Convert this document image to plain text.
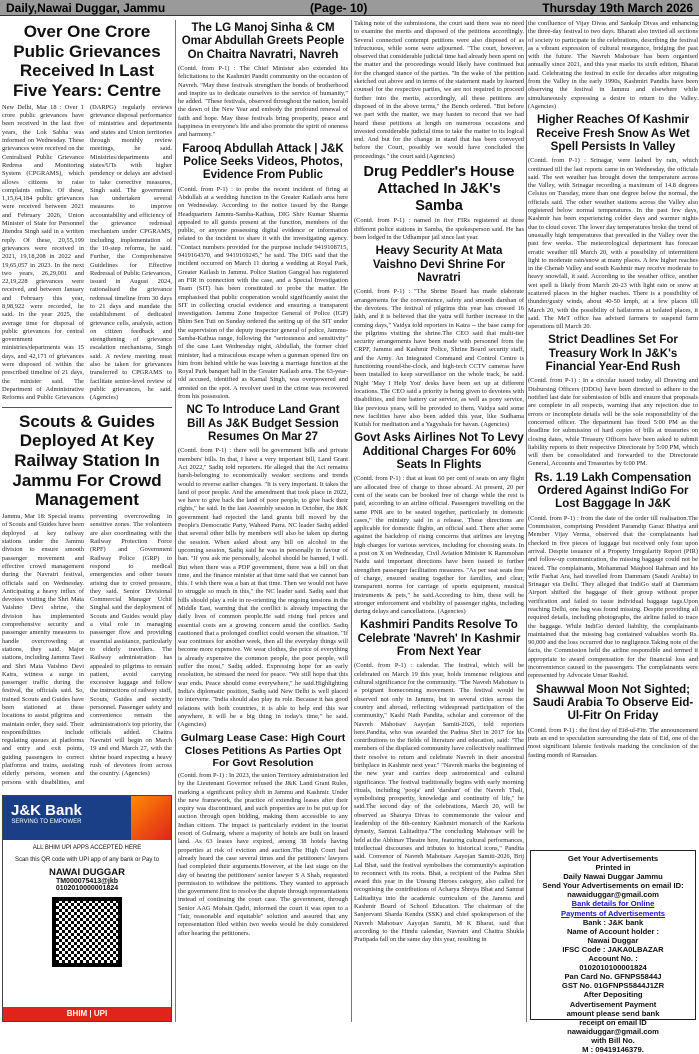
Daily,Nawai Duggar, Jammu	(Page- 10)	Thursday 19th March 2026
Over One Crore Public Grievances Received In Last Five Years: Centre
New Delhi, Mar 18 : Over 1 crore public grievances have been received in the last five years, the Lok Sabha was informed on Wednesday. These grievances were received on the Centralised Public Grievance Redress and Monitoring System (CPGRAMS), which allows citizens to raise complaints online. Of these, 1,15,64,184 public grievances were received between 2021 and February 2026, Union Minister of State for Personnel Jitendra Singh said in a written reply. Of these, 20,55,199 grievances were received in 2021, 19,18,208 in 2022 and 19,65,057 in 2023. In the next two years, 26,29,001 and 22,19,228 grievances were received, and between January and February this year, 8,98,922 were recorded, he said. In the year 2025, the average time for disposal of public grievances for central government ministries/departments was 15 days, and 42,171 of grievances were disposed of within the prescribed timeline of 21 days, the minister said. The Department of Administrative Reforms and Public Grievances (DARPG) regularly reviews grievance disposal performance of ministries and departments and states and Union territories through monthly review meetings, he said. Ministries/departments and states/UTs with higher pendency or delays are advised to take corrective measures, Singh said. The government has undertaken several measures to improve accountability and efficiency of the grievance redressal mechanism under CPGRAMS, including implementation of the 10-step reforms, he said. Further, the Comprehensive Guidelines for Effective Redressal of Public Grievances, issued in August 2024, rationalised the grievance redressal timeline from 30 days to 21 days and mandate the establishment of dedicated grievance cells, analysis, action on citizen feedback and strengthening of grievance escalation mechanisms, Singh said. A review meeting must also be taken for grievances transferred to CPGRAMS to facilitate senior-level review of public grievances, he said. (Agencies)
Scouts & Guides Deployed At Key Railway Station In Jammu For Crowd Management
Jammu, Mar 18: Special teams of Scouts and Guides have been deployed at key railway stations under the Jammu division to ensure smooth passenger movement and effective crowd management during the Navratri festival, officials said on Wednesday. Anticipating a heavy influx of devotees visiting the Shri Mata Vaishno Devi shrine, the division has implemented comprehensive security and passenger amenity measures to handle overcrowding at stations, they said. Major stations, including Jammu Tawi and Shri Mata Vaishno Devi Katra, witness a surge in passenger traffic during the festival, the officials said. So, trained Scouts and Guides have been stationed at these locations to assist pilgrims and maintain order, they said. Their responsibilities include regulating queues at platforms and entry and exit points, guiding passengers to correct platforms and trains, assisting elderly persons, women and persons with disabilities, and preventing overcrowding in sensitive zones. The volunteers are also coordinating with the Railway Protection Force (RPF) and Government Railway Police (GRP) to respond to medical emergencies and other issues arising due to crowd pressure, they said. Senior Divisional Commercial Manager Uchit Singhal said the deployment of Scouts and Guides would play a vital role in managing passenger flow and providing essential assistance, particularly to elderly travellers. The Railway administration has appealed to pilgrims to remain patient, avoid carrying excessive luggage and follow the instructions of railway staff, Scouts, Guides and security personnel. Passenger safety and convenience remain the administration's top priority, the officials added. Chaitra Navratri will begin on March 19 and end March 27, with the shrine board expecting a heavy rush of devotees from across the country. (Agencies)
J&K Bank
SERVING TO EMPOWER
ALL BHIM UPI APPS ACCEPTED HERE
Scan this QR code with UPI app of any bank or Pay to
NAWAI DUGGAR
TM000075413@jkb
0102010000001824
BHIM | UPI
The LG Manoj Sinha & CM Omar Abdullah Greets People On Chaitra Navratri, Navreh
(Contd. from P-1) : The Chief Minister also extended his felicitations to the Kashmiri Pandit community on the occasion of Navreh. "May these festivals strengthen the bonds of brotherhood and inspire us to dedicate ourselves to the service of humanity," he added. "These festivals, observed throughout the nation, herald the dawn of the New Year and embody the profound renewal of faith and hope. May these festivals bring prosperity, peace and happiness in everyone's life and also promote the spirit of oneness and harmony."
Farooq Abdullah Attack | J&K Police Seeks Videos, Photos, Evidence From Public
(Contd. from P-1) : to probe the recent incident of firing at Abdullah at a wedding function in the Greater Kailash area here on Wednesday. According to the notice issued by the Range Headquarters Jammu-Samba-Kathua, DIG Shiv Kumar Sharma appealed to all guests present at the function, members of the public, or anyone possessing digital evidence or information related to the incident to share it with the investigating agency. "Contact numbers provided for the purpose include 9419108715, 9419164370, and 9419169245," he said. The DIG said that the incident occurred on March 11 during a wedding at Royal Park, Greater Kailash in Jammu. Police Station Gangyal has registered an FIR in connection with the case, and a Special Investigation Team (SIT) has been constituted to probe the matter. He emphasised that public cooperation would significantly assist the SIT in collecting crucial evidence and ensuring a transparent investigation. Jammu Zone Inspector General of Police (IGP) Bhim Sen Tuti on Sunday ordered the setting up of the SIT under the supervision of the deputy inspector general of police, Jammu-Samba-Kathua range, following the "seriousness and sensitivity" of the case Last Wednesday night, Abdullah, the former chief minister, had a miraculous escape when a gunman opened fire on him from behind while he was leaving a marriage function at the Royal Park banquet hall in the Greater Kailash area. The 63-year-old accused, identified as Kamal Singh, was overpowered and arrested on the spot. A revolver used in the crime was recovered from his possession.
NC To Introduce Land Grant Bill As J&K Budget Session Resumes On Mar 27
(Contd. from P-1) : there will be government bills and private members' bills. In that, I have a very important bill, Land Grant Act 2022," Sadiq told reporters. He alleged that the Act remains harsh-belonging to economically weaker sections and trends would to reverse earlier changes. "It is very important. It takes the land of poor people. And the amendment that took place in 2022, we have to give back the land of poor people, to give back their rights," he said. In the last Assembly session in October, the J&K government had rejected the land grants bill moved by the People's Democratic Party, Waheed Parra. NC leader Sadiq added that several other bills by members will also be taken up during the session. When asked about any bill on alcohol in the upcoming session, Sadiq said he was in personally in favour of ban. "If you ask me personally, alcohol should be banned, I will. But when there was a PDP government, there was a bill on that time, and the finance minister at that time said that we cannot ban this. I wish there was a ban at that time. Then we would not have to struggle so much in this," the NC leader said. Sadiq said that bills should play a role in re-orienting the ongoing tensions in the Middle East, warning that the conflict is already impacting the daily lives of common people.He said rising fuel prices and essential costs are a growing concern amid the conflict. Sadiq cautioned that a prolonged conflict could worsen the situation. "If war continues for another week, then all the everyday things will become more expensive. We wear clothes, the price of everything is already expensive the common people, the poor people, will suffer the most," Sadiq added. Expressing hope for an early resolution, he stressed the need for peace. "We still hope that this war ends. Peace should come everywhere," he said.Highlighting India's diplomatic position, Sadiq said New Delhi is well placed to intervene. "India should also play its role. Because it has good relations with both countries, it is able to help end this war anywhere, it will be a big thing in today's time," he said. (Agencies)
Gulmarg Lease Case: High Court Closes Petitions As Parties Opt For Govt Resolution
(Contd. from P-1) : In 2023, the union Territory administration led by the Lieutenant Governor refused the J&K Land Grant Rules, marking a significant policy shift in Jammu and Kashmir. Under the new framework, the practice of extending leases after their expiry was discontinued, and such properties are to be put up for auction through open bidding, making them accessible to any Indian citizen. The impact is particularly evident in the tourist resort of Gulmarg, where a majority of hotels are built on leased land. As 63 leases have expired, among 38 hotels having properties at risk of eviction and auction.The High Court had already heard the case several times and the petitioners' lawyers had completed their arguments.However, at the last stage on the day of hearing the petitioners' senior lawyer S A Shah, requested permission to withdraw the petitions. They wanted to approach the government first to resolve the dispute through representations instead of continuing the court case. The government, through Senior AAG Mohsin Qadri, informed the court it was open to a "fair, reasonable and equitable" solution and assured that any representation filed within two weeks would be duly considered after hearing the petitioners.
Taking note of the submissions, the court said there was no need to examine the merits and disposed of the petitions accordingly. Several connected contempt petitions were also disposed of as infructuous, while some were adjourned. "The court, however, observed that considerable judicial time had already been spent on the matter and the proceedings would likely have continued but for the changed stance of the parties. "In the wake of 'the petition sketched out above and in terms of the statement made by learned counsel for the respective parties, we are not required to proceed further into the merits, accordingly, all these petitions are disposed of in the above terms," the Bench ordered. "But before we part with the matter, we may hasten to record that we had heard these petitions at length on numerous occasions and invested considerable judicial time to take the matter to its logical end. And but for the change in stand that has been conveyed before the Court, possibly we would have concluded the proceedings." the court said.(Agencies)
Drug Peddler's House Attached In J&K's Samba
(Contd. from P-1) : named in five FIRs registered at three different police stations in Samba, the spokesperson said. He has been lodged in the Udhampur jail since last year.
Heavy Security At Mata Vaishno Devi Shrine For Navratri
(Contd. from P-1) : "The Shrine Board has made elaborate arrangements for the convenience, safety and smooth darshan of the devotees. The festival of pilgrims this year has crossed 16 lakh, and it is believed that the yatra will further increase in the coming days," Vaidya told reporters in Katra -- the base camp for the pilgrims visiting the shrine.The CEO said that multi-tier security arrangements have been made with personnel from the CRPF, Jammu and Kashmir Police, Shrine Board security staff, and the Army. An Integrated Command and Control Centre is functioning round-the-clock, and high-tech CCTV cameras have been installed to keep surveillance on the whole track, he said. Night 'May I Help You' desks have been set up at different locations. The CEO said a priority is being given to devotees with disabilities, and free battery car service, as well as pony service, like previous years, will be provided to them. Vaidya said some new facilities have also been added this year, like Sudhama Kutish for meditation and a Yagyshala for havan. (Agencies)
Govt Asks Airlines Not To Levy Additional Charges For 60% Seats In Flights
(Contd. from P-1) : that at least 60 per cent of seats on any flight are allocated free of charge to those aboard. At present, 20 per cent of the seats can be booked free of charge while the rest is paid, according to an airline official. Passengers travelling on the same PNR are to be seated together, particularly in domestic cases," the ministry said in a release. These directions are applicable for domestic flights, an official said. There after some against the backdrop of rising concerns that airlines are levying high charges for various services, including for choosing seats. In a post on X on Wednesday, Civil Aviation Minister K Rammohan Naidu said important directions have been issued to further strengthen passenger facilitation measures. "As per seat seats free of charge, ensured seating together for families, and clear, transparent norms for carriage of sports equipment, musical instruments & pets," he said.According to him, these will be stronger enforcement and visibility of passenger rights, including during delays and cancellations. (Agencies)
Kashmiri Pandits Resolve To Celebrate 'Navreh' In Kashmir From Next Year
(Contd. from P-1) : calendar. The festival, which will be celebrated on March 19 this year, holds immense religious and cultural significance for the community. "The Navreh Mahotsav is a poignant homecoming movement. The festival would be observed not only in Jammu, but in several cities across the country and abroad, reflecting widespread participation of the community," Kashi Nath Pandita, scholar and convenor of the Navreh Mahotsav Aayojan Samiti-2026, told reporters here.Pandita, who was awarded the Padma Shri in 2017 for his contributions to the fields of literature and education, said: "The members of the displaced community have collectively reaffirmed their resolve to return and celebrate Navreh in their ancestral birthplace in Kashmir next year." "Navreh marks the beginning of the new year and carries deep astronomical and cultural significance. The festival traditionally begins with early morning rituals, including 'pooja' and 'darshan' of the Navreh Thali, symbolising prosperity, knowledge and continuity of life," he said.The second day of the celebrations, March 20, will be observed as Shaurya Divas to commemorate the valour and leadership of the 8th-century Kashmiri monarch of the Karkota dynasty, Samrat Lalitaditya."The concluding Mahotsav will be held at the Abhinav Theatre here, featuring cultural performances, intellectual discourses and tributes to historical icons," Pandita said. Convenor of Navreh Mahotsav Aayojan Samiti-2026, Brij Lal Bhat, said the festival symbolises the community's aspiration to reconnect with its roots. Bhat, a recipient of the Padma Shri award this year in the Unsung Heroes category, also called for recognising the contributions of Acharya Shreya Bhat and Samrat Lalitaditya into the academic curriculum of the Jammu and Kashmir Board of School Education. The chairman of the Sanjeevani Sharda Kendra (SSK) and chief spokesperson of the Navreh Mahotsav Aayojan Samiti, M K Bharat, said that according to the Hindu calendar, Navratri and Chaitra Shukla Pratipada fall on the same day this year, resulting in
the confluence of Vijay Divas and Sankalp Divas and enhancing the three-day festival to two days. Bharati also invited all sections of society to participate in the celebrations, describing the festival as a vibrant expression of cultural resurgence, bridging the past with the future. The Navreh Mahotsav has been organised annually since 2021, and this year marks its sixth edition, Bharat said. Celebrating the festival in exile for decades after migrating from the Valley in the early 1990s, Kashmiri Pandits have been observing the festival in Jammu and elsewhere while simultaneously expressing a desire to return to the Valley. (Agencies)
Higher Reaches Of Kashmir Receive Fresh Snow As Wet Spell Persists In Valley
(Contd. from P-1) : Srinagar, were lashed by rain, which continued till the last reports came in on Wednesday, the officials said. The wet weather has brought down the temperature across the Valley, with Srinagar recording a maximum of 14.8 degrees Celsius on Tuesday, more than one degree below the normal, the officials said. The other weather stations across the Valley also registered below normal temperatures. In the past few days, Kashmir has been experiencing colder days and warmer nights due to cloud cover. The lower day temperatures broke the trend of unusually high temperatures that prevailed in the Valley over the past few weeks. The meteorological department has forecast erratic weather till March 20, with a possibility of intermittent light to moderate rain/snow at many places. A few higher reaches in the Chenab Valley and south Kashmir may receive moderate to heavy snowfall, it said. According to the weather office, another wet spell is likely from March 20-23 with light rain or snow at scattered places in the higher reaches. There is a possibility of thunder/gusty winds, about 40-50 kmph, at a few places till March 20, with the possibility of hailstorms at isolated places, it said. The MeT office has advised farmers to suspend farm operations till March 20.
Strict Deadlines Set For Treasury Work In J&K's Financial Year-End Rush
(Contd. from P-1) : In a circular issued today, all Drawing and Disbursing Officers (DDOs) have been directed to adhere to the notified last date for submission of bills and ensure that proposals are complete in all respects, warning that any rejection due to errors or incomplete details will be the sole responsibility of the concerned officer. The department has fixed 5:00 PM as the deadline for submission of hard copies of bills at treasuries on closing dates, while Treasury Officers have been asked to submit liability reports to their respective Directorate by 5:00 PM, which will then be consolidated and forwarded to the Directorate General, Accounts and Treasuries by 6:00 PM.
Rs. 1.19 Lakh Compensation Ordered Against IndiGo For Lost Baggage In J&K
(Contd. from P-1) : from the date of the order till realisation.The Commission, comprising President Paramdip Garaz Bhatiya and Member Vijay Verma, observed that the complainants had checked in five pieces of luggage but received only four upon arrival. Despite issuance of a Property Irregularity Report (PIR) and follow-up communication, the missing baggage could not be traced. The complainants, Mohammad Maqbool Rahman and his wife Farhat Ara, had travelled from Dammam (Saudi Arabia) to Srinagar via Delhi. They alleged that IndiGo staff at Dammam Airport shifted the baggage of their group without proper verification and failed to issue individual baggage tags.Upon reaching Delhi, one bag was found missing. Despite providing all required details, including photographs, the airline failed to trace the baggage. While IndiGo denied liability, the complainants maintained that the missing bag contained valuables worth Rs. 90,000 and the loss occurred due to negligence.Taking note of the facts, the Commission held the airline responsible and termed it appropriate to award compensation for the financial loss and inconvenience caused to the passengers. The complainants were represented by Advocate Umar Rashid.
Shawwal Moon Not Sighted; Saudi Arabia To Observe Eid-Ul-Fitr On Friday
(Contd. from P-1) : the first day of Eid-ul-Fitr. The announcement puts an end to speculation surrounding the date of Eid, one of the most significant Islamic festivals marking the conclusion of the fasting month of Ramadan.

Get Your Advertisements

Printed in

Daily Nawai Duggar Jammu

Send Your Advertisements on email ID:

nawaiduggar@gmail.com

Bank details for Online

Payments of Advertisements

Bank : J&K bank

Name of Account holder :

Nawai Duggar

IFSC Code : JAKA0LBAZAR

Account No. :

0102010100001824

Pan Card No. GFNPS5844J

GST No. 01GFNPS5844J1ZR

After Depositing

Advertisement Payment

amount please send bank

receipt on email ID

nawaiduggar@gmail.com

with Bill No.

M : 09419146379.
